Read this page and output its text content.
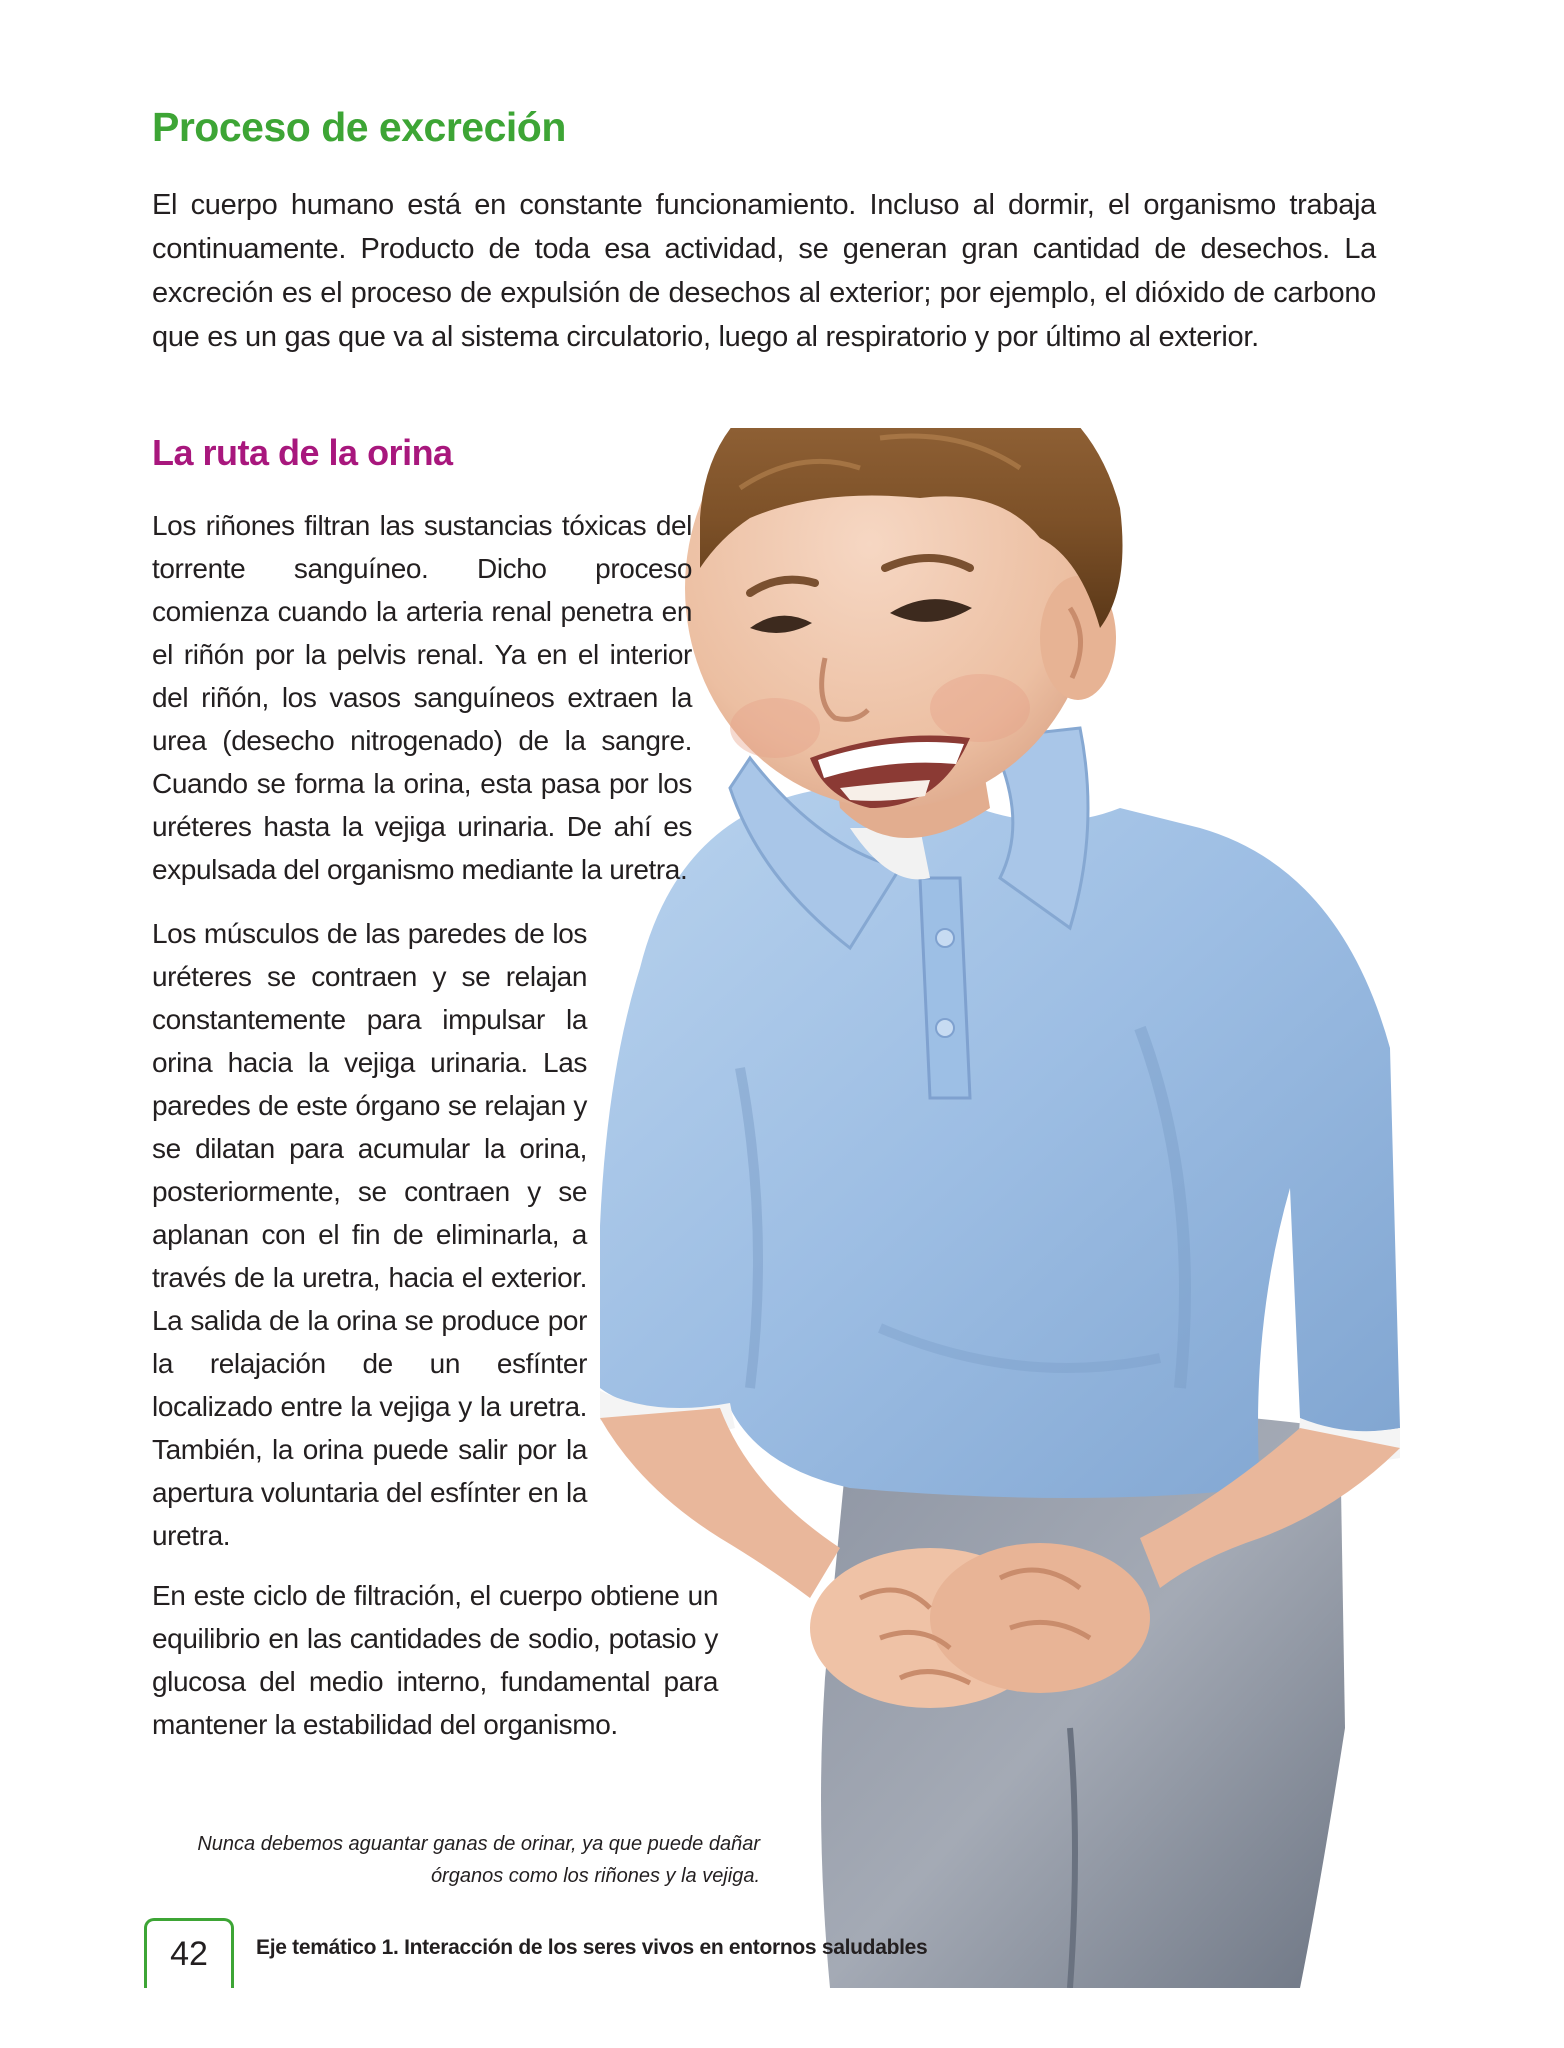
Proceso de excreción

El cuerpo humano está en constante funcionamiento. Incluso al dormir, el organismo trabaja continuamente. Producto de toda esa actividad, se generan gran cantidad de desechos. La excreción es el proceso de expulsión de desechos al exterior; por ejemplo, el dióxido de carbono que es un gas que va al sistema circulatorio, luego al respiratorio y por último al exterior.

La ruta de la orina

Los riñones filtran las sustancias tóxicas del torrente sanguíneo. Dicho proceso comienza cuando la arteria renal penetra en el riñón por la pelvis renal. Ya en el interior del riñón, los vasos sanguíneos extraen la urea (desecho nitrogenado) de la sangre. Cuando se forma la orina, esta pasa por los uréteres hasta la vejiga urinaria. De ahí es expulsada del organismo mediante la uretra.

Los músculos de las paredes de los uréteres se contraen y se relajan constantemente para impulsar la orina hacia la vejiga urinaria. Las paredes de este órgano se relajan y se dilatan para acumular la orina, posteriormente, se contraen y se aplanan con el fin de eliminarla, a través de la uretra, hacia el exterior. La salida de la orina se produce por la relajación de un esfínter localizado entre la vejiga y la uretra. También, la orina puede salir por la apertura voluntaria del esfínter en la uretra.

En este ciclo de filtración, el cuerpo obtiene un equilibrio en las cantidades de sodio, potasio y glucosa del medio interno, fundamental para mantener la estabilidad del organismo.

Nunca debemos aguantar ganas de orinar, ya que puede dañar
órganos como los riñones y la vejiga.
42	Eje temático 1. Interacción de los seres vivos en entornos saludables
